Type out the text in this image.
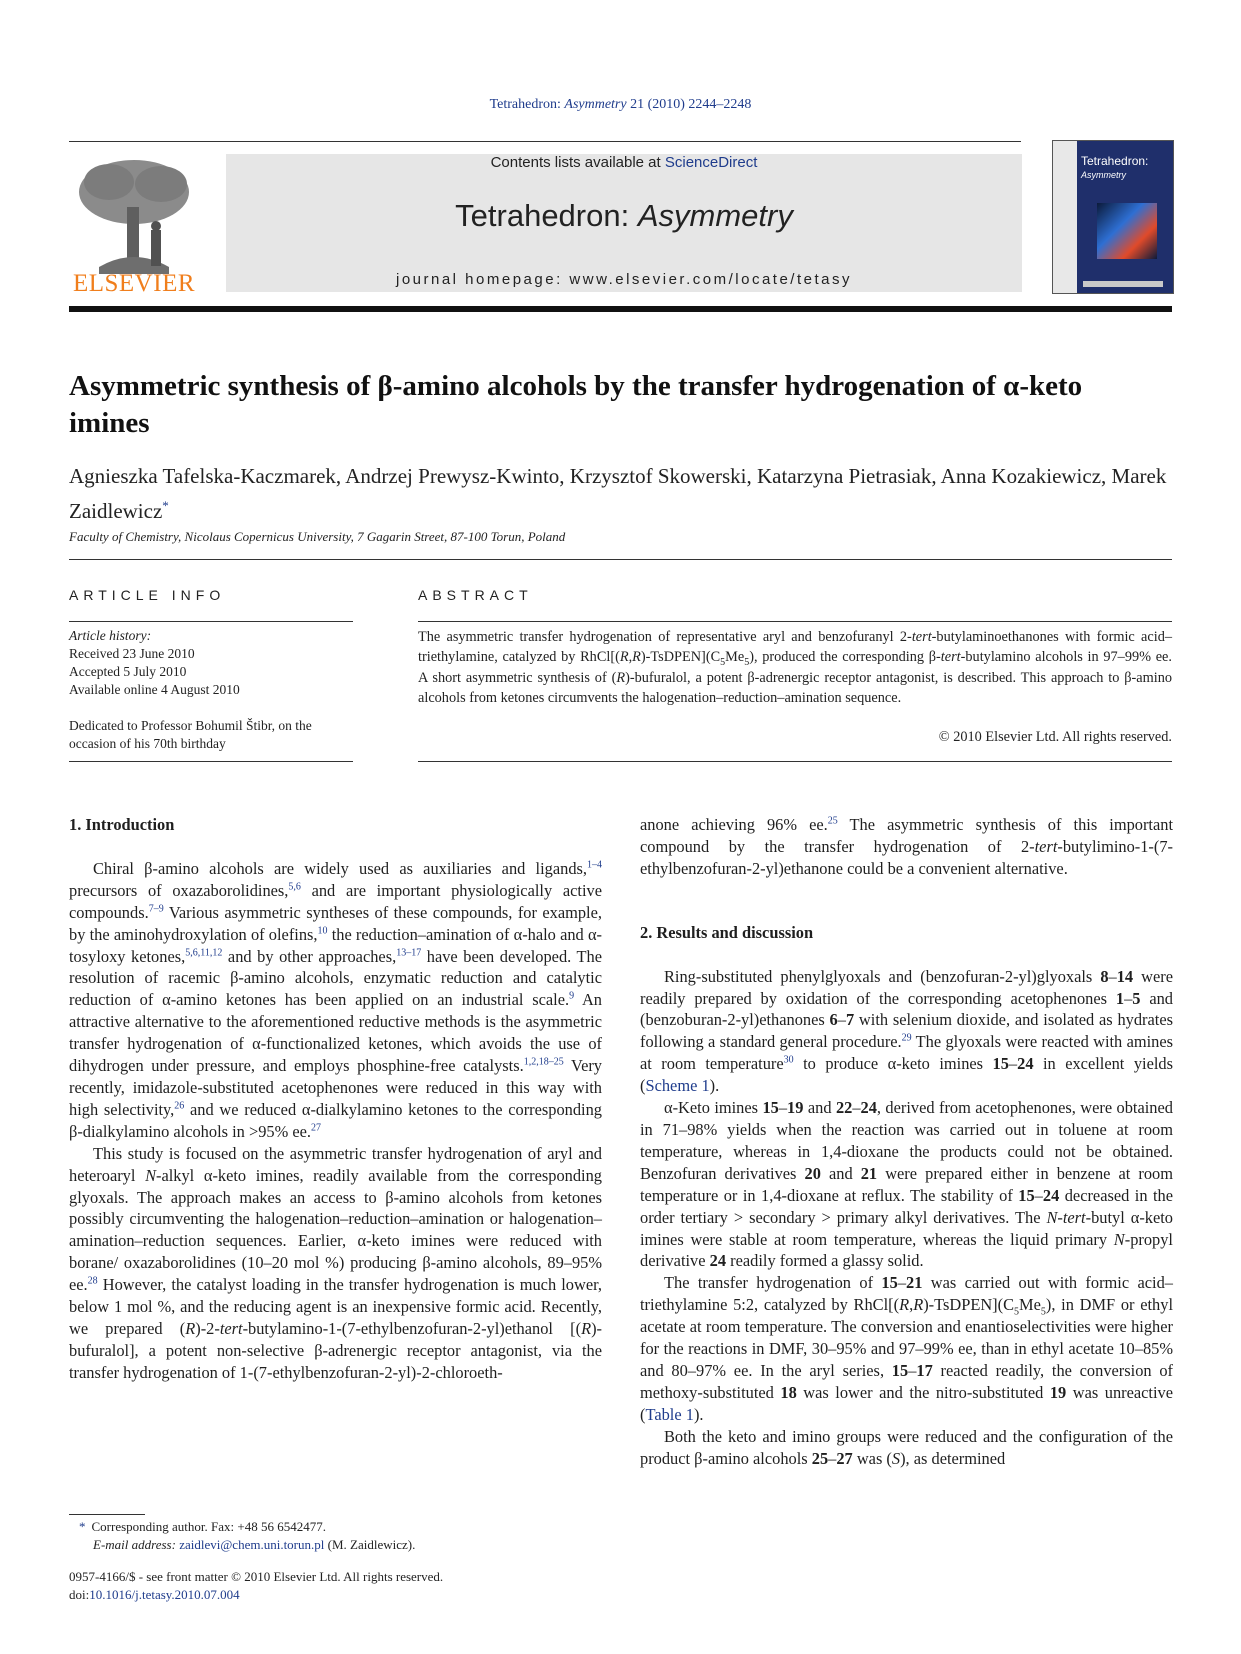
Tetrahedron: Asymmetry 21 (2010) 2244–2248
ELSEVIER
Contents lists available at ScienceDirect
Tetrahedron: Asymmetry
journal homepage: www.elsevier.com/locate/tetasy
Tetrahedron:
Asymmetry
Asymmetric synthesis of β-amino alcohols by the transfer hydrogenation of α-keto imines
Agnieszka Tafelska-Kaczmarek, Andrzej Prewysz-Kwinto, Krzysztof Skowerski, Katarzyna Pietrasiak, Anna Kozakiewicz, Marek Zaidlewicz*
Faculty of Chemistry, Nicolaus Copernicus University, 7 Gagarin Street, 87-100 Torun, Poland
ARTICLE INFO
Article history:
Received 23 June 2010
Accepted 5 July 2010
Available online 4 August 2010
Dedicated to Professor Bohumil Štibr, on the occasion of his 70th birthday
ABSTRACT
The asymmetric transfer hydrogenation of representative aryl and benzofuranyl 2-tert-butylaminoethanones with formic acid–triethylamine, catalyzed by $RhCl[(R,R)-TsDPEN](C_5Me_5)$, produced the corresponding β-tert-butylamino alcohols in 97–99% ee. A short asymmetric synthesis of (R)-bufuralol, a potent β-adrenergic receptor antagonist, is described. This approach to β-amino alcohols from ketones circumvents the halogenation–reduction–amination sequence.
© 2010 Elsevier Ltd. All rights reserved.
1. Introduction

Chiral β-amino alcohols are widely used as auxiliaries and ligands,$^{1-4}$ precursors of oxazaborolidines,$^{5,6}$ and are important physiologically active compounds.$^{7-9}$ Various asymmetric syntheses of these compounds, for example, by the aminohydroxylation of olefins,$^{10}$ the reduction–amination of α-halo and α-tosyloxy ketones,$^{5,6,11,12}$ and by other approaches,$^{13-17}$ have been developed. The resolution of racemic β-amino alcohols, enzymatic reduction and catalytic reduction of α-amino ketones has been applied on an industrial scale.$^9$ An attractive alternative to the aforementioned reductive methods is the asymmetric transfer hydrogenation of α-functionalized ketones, which avoids the use of dihydrogen under pressure, and employs phosphine-free catalysts.$^{1,2,18-25}$ Very recently, imidazole-substituted acetophenones were reduced in this way with high selectivity,$^{26}$ and we reduced α-dialkylamino ketones to the corresponding β-dialkylamino alcohols in >95% ee.$^{27}$

This study is focused on the asymmetric transfer hydrogenation of aryl and heteroaryl N-alkyl α-keto imines, readily available from the corresponding glyoxals. The approach makes an access to β-amino alcohols from ketones possibly circumventing the halogenation–reduction–amination or halogenation–amination–reduction sequences. Earlier, α-keto imines were reduced with borane/ oxazaborolidines (10–20 mol %) producing β-amino alcohols, 89–95% ee.$^{28}$ However, the catalyst loading in the transfer hydrogenation is much lower, below 1 mol %, and the reducing agent is an inexpensive formic acid. Recently, we prepared (R)-2-tert-butylamino-1-(7-ethylbenzofuran-2-yl)ethanol [(R)-bufuralol], a potent non-selective β-adrenergic receptor antagonist, via the transfer hydrogenation of 1-(7-ethylbenzofuran-2-yl)-2-chloroeth-

anone achieving 96% ee.$^{25}$ The asymmetric synthesis of this important compound by the transfer hydrogenation of 2-tert-butylimino-1-(7-ethylbenzofuran-2-yl)ethanone could be a convenient alternative.

2. Results and discussion

Ring-substituted phenylglyoxals and (benzofuran-2-yl)glyoxals 8–14 were readily prepared by oxidation of the corresponding acetophenones 1–5 and (benzoburan-2-yl)ethanones 6–7 with selenium dioxide, and isolated as hydrates following a standard general procedure.$^{29}$ The glyoxals were reacted with amines at room temperature$^{30}$ to produce α-keto imines 15–24 in excellent yields (Scheme 1).

α-Keto imines 15–19 and 22–24, derived from acetophenones, were obtained in 71–98% yields when the reaction was carried out in toluene at room temperature, whereas in 1,4-dioxane the products could not be obtained. Benzofuran derivatives 20 and 21 were prepared either in benzene at room temperature or in 1,4-dioxane at reflux. The stability of 15–24 decreased in the order tertiary > secondary > primary alkyl derivatives. The N-tert-butyl α-keto imines were stable at room temperature, whereas the liquid primary N-propyl derivative 24 readily formed a glassy solid.

The transfer hydrogenation of 15–21 was carried out with formic acid–triethylamine 5:2, catalyzed by $RhCl[(R,R)-TsDPEN](C_5Me_5)$, in DMF or ethyl acetate at room temperature. The conversion and enantioselectivities were higher for the reactions in DMF, 30–95% and 97–99% ee, than in ethyl acetate 10–85% and 80–97% ee. In the aryl series, 15–17 reacted readily, the conversion of methoxy-substituted 18 was lower and the nitro-substituted 19 was unreactive (Table 1).

Both the keto and imino groups were reduced and the configuration of the product β-amino alcohols 25–27 was (S), as determined

* Corresponding author. Fax: +48 56 6542477.
E-mail address: zaidlevi@chem.uni.torun.pl (M. Zaidlewicz).
0957-4166/$ - see front matter © 2010 Elsevier Ltd. All rights reserved.
doi:10.1016/j.tetasy.2010.07.004
